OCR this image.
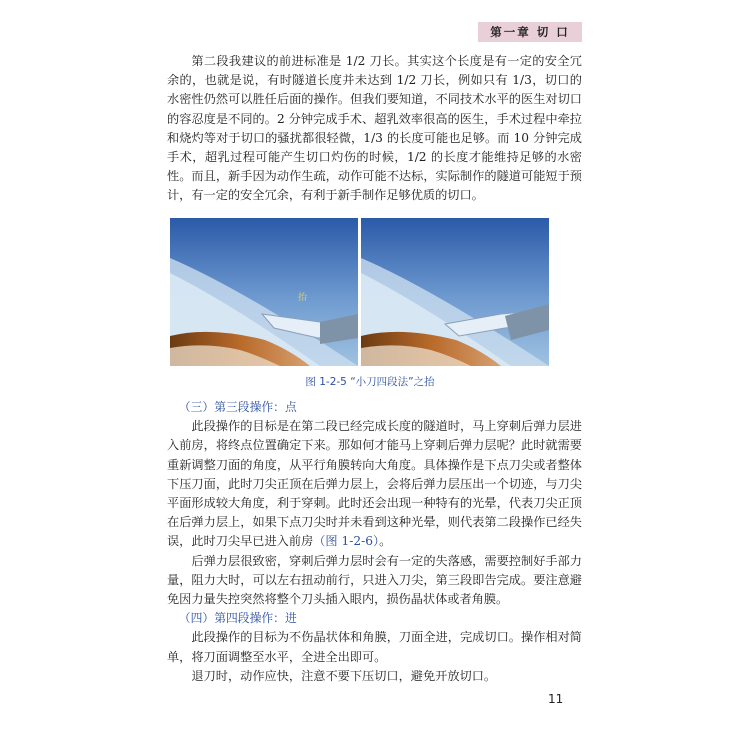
第一章 切 口

第二段我建议的前进标准是 1/2 刀长。其实这个长度是有一定的安全冗余的，也就是说，有时隧道长度并未达到 1/2 刀长，例如只有 1/3，切口的水密性仍然可以胜任后面的操作。但我们要知道，不同技术水平的医生对切口的容忍度是不同的。2 分钟完成手术、超乳效率很高的医生，手术过程中牵拉和烧灼等对于切口的骚扰都很轻微，1/3 的长度可能也足够。而 10 分钟完成手术，超乳过程可能产生切口灼伤的时候，1/2 的长度才能维持足够的水密性。而且，新手因为动作生疏，动作可能不达标，实际制作的隧道可能短于预计，有一定的安全冗余，有利于新手制作足够优质的切口。

抬
图 1-2-5 “小刀四段法”之抬

（三）第三段操作：点

此段操作的目标是在第二段已经完成长度的隧道时，马上穿刺后弹力层进入前房，将终点位置确定下来。那如何才能马上穿刺后弹力层呢？此时就需要重新调整刀面的角度，从平行角膜转向大角度。具体操作是下点刀尖或者整体下压刀面，此时刀尖正顶在后弹力层上，会将后弹力层压出一个切迹，与刀尖平面形成较大角度，利于穿刺。此时还会出现一种特有的光晕，代表刀尖正顶在后弹力层上，如果下点刀尖时并未看到这种光晕，则代表第二段操作已经失误，此时刀尖早已进入前房（图 1-2-6）。

后弹力层很致密，穿刺后弹力层时会有一定的失落感，需要控制好手部力量，阻力大时，可以左右扭动前行，只进入刀尖，第三段即告完成。要注意避免因力量失控突然将整个刀头插入眼内，损伤晶状体或者角膜。

（四）第四段操作：进

此段操作的目标为不伤晶状体和角膜，刀面全进，完成切口。操作相对简单，将刀面调整至水平，全进全出即可。

退刀时，动作应快，注意不要下压切口，避免开放切口。

11
